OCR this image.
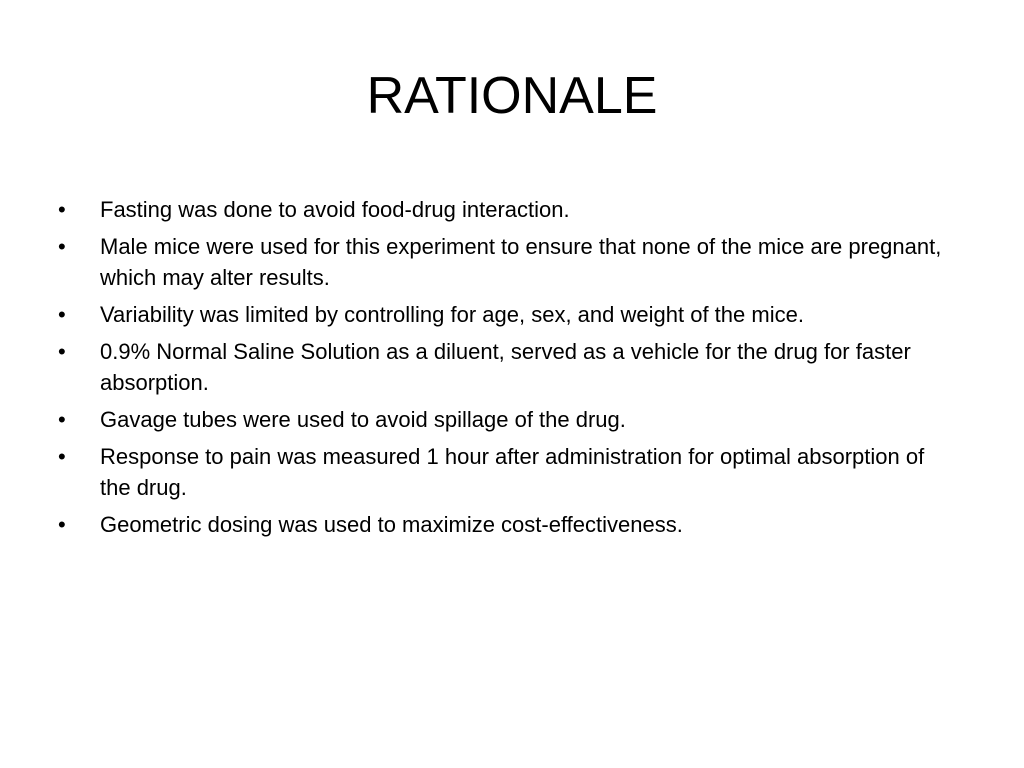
RATIONALE
•	Fasting was done to avoid food-drug interaction.
•	Male mice were used for this experiment to ensure that none of the mice are pregnant, which may alter results.
•	Variability was limited by controlling for age, sex, and weight of the mice.
•	0.9% Normal Saline Solution as a diluent, served as a vehicle for the drug for faster absorption.
•	Gavage tubes were used to avoid spillage of the drug.
•	Response to pain was measured 1 hour after administration for optimal absorption of the drug.
•	Geometric dosing was used to maximize cost-effectiveness.
